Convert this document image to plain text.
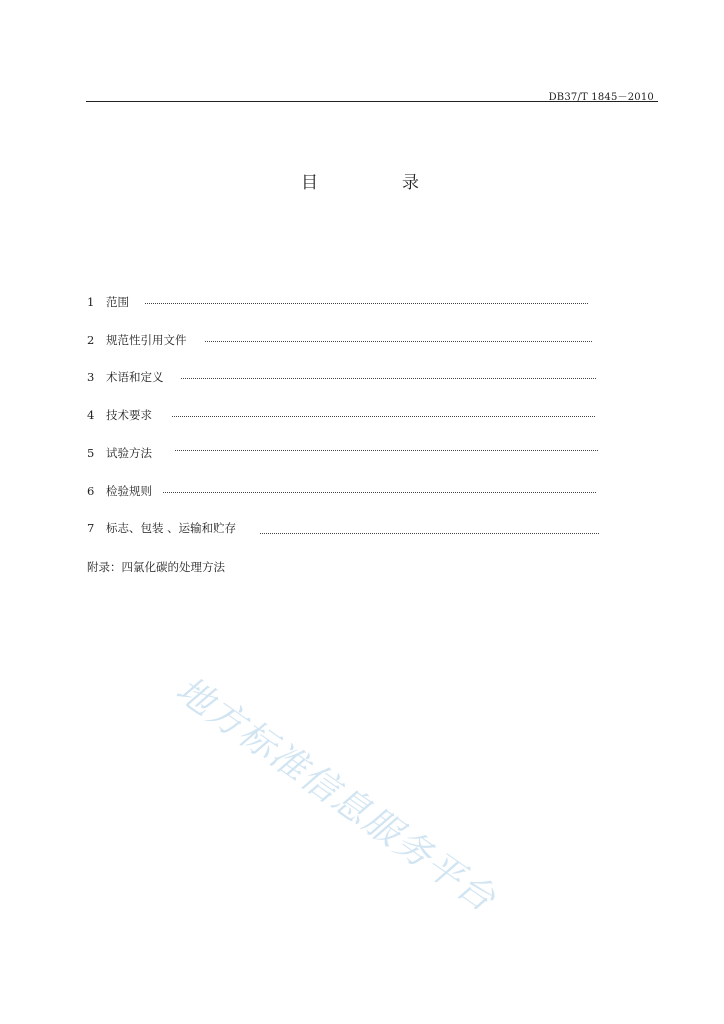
DB37/T 1845－2010
目	录
1	范围
2	规范性引用文件
3	术语和定义
4	技术要求
5	试验方法
6	检验规则
7	标志、包装 、运输和贮存
附录：四氯化碳的处理方法
地方标准信息服务平台
